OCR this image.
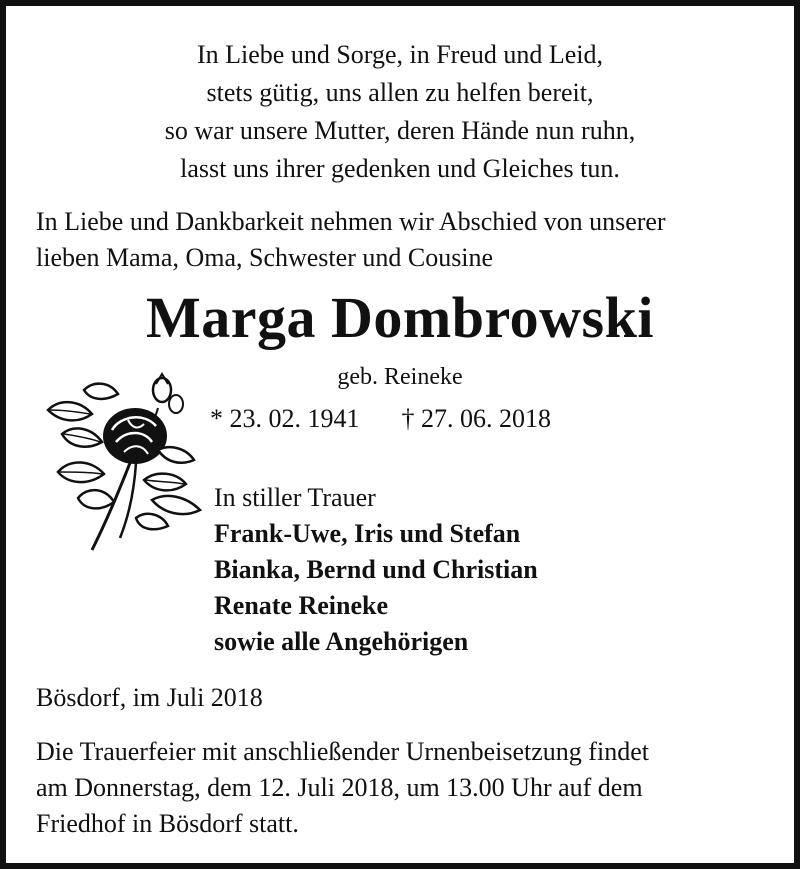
In Liebe und Sorge, in Freud und Leid,
stets gütig, uns allen zu helfen bereit,
so war unsere Mutter, deren Hände nun ruhn,
lasst uns ihrer gedenken und Gleiches tun.
In Liebe und Dankbarkeit nehmen wir Abschied von unserer
lieben Mama, Oma, Schwester und Cousine
Marga Dombrowski
geb. Reineke
* 23. 02. 1941 † 27. 06. 2018
In stiller Trauer
Frank-Uwe, Iris und Stefan
Bianka, Bernd und Christian
Renate Reineke
sowie alle Angehörigen
Bösdorf, im Juli 2018
Die Trauerfeier mit anschließender Urnenbeisetzung findet
am Donnerstag, dem 12. Juli 2018, um 13.00 Uhr auf dem
Friedhof in Bösdorf statt.
